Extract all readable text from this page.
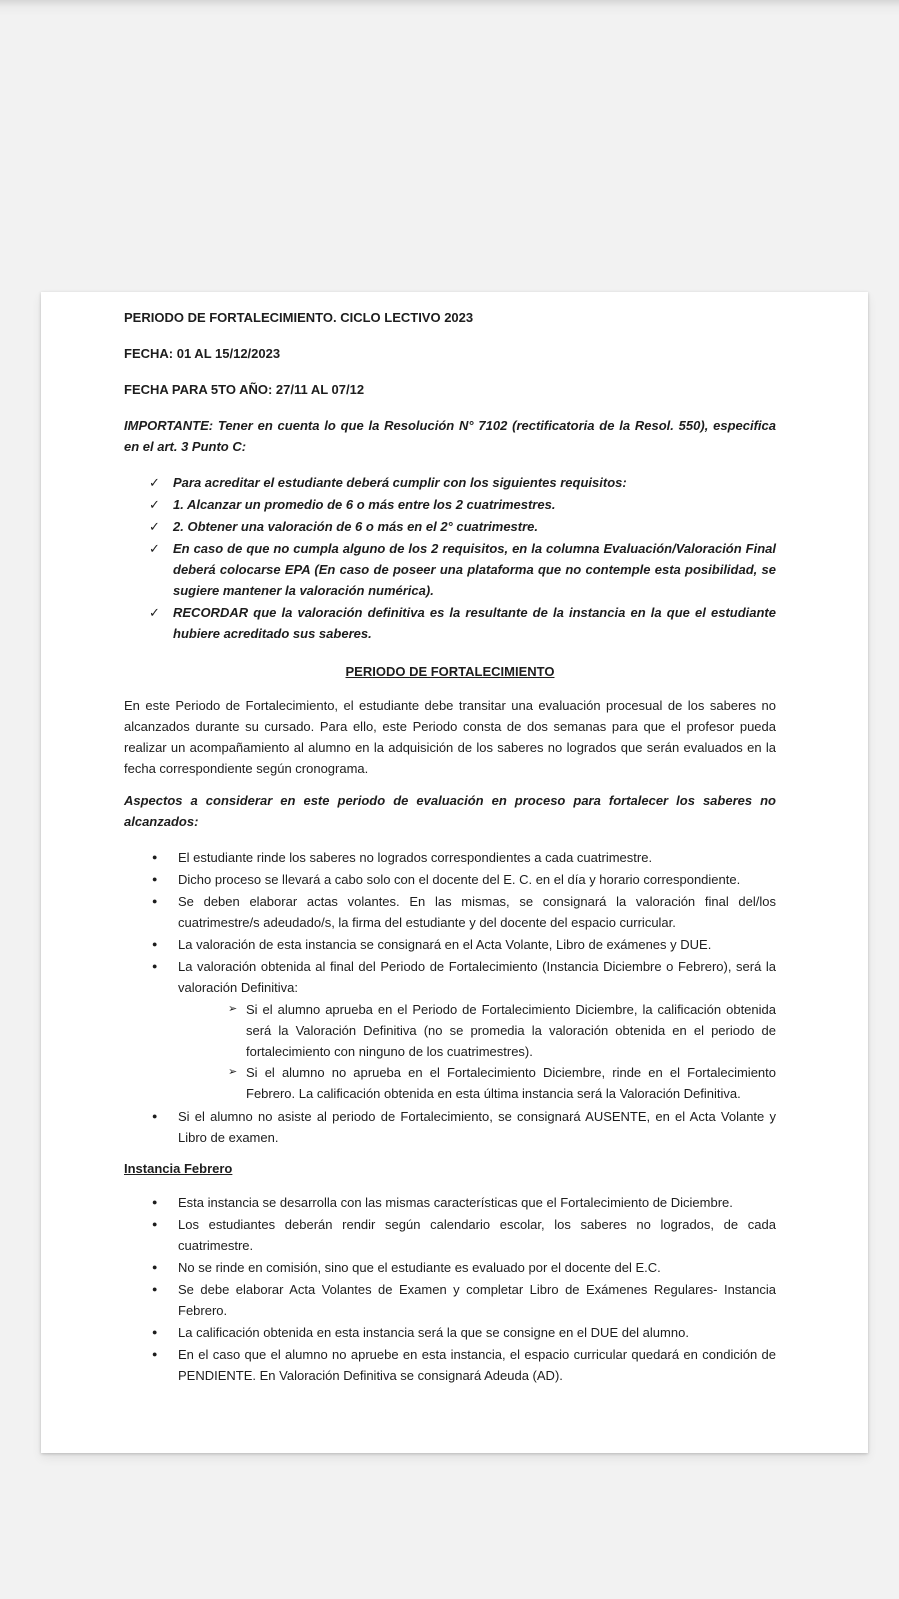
PERIODO DE FORTALECIMIENTO. CICLO LECTIVO 2023

FECHA: 01 AL 15/12/2023

FECHA PARA 5TO AÑO: 27/11 AL 07/12

IMPORTANTE: Tener en cuenta lo que la Resolución N° 7102 (rectificatoria de la Resol. 550), especifica en el art. 3 Punto C:

✓	Para acreditar el estudiante deberá cumplir con los siguientes requisitos:
✓	1. Alcanzar un promedio de 6 o más entre los 2 cuatrimestres.
✓	2. Obtener una valoración de 6 o más en el 2° cuatrimestre.
✓	En caso de que no cumpla alguno de los 2 requisitos, en la columna Evaluación/Valoración Final deberá colocarse EPA (En caso de poseer una plataforma que no contemple esta posibilidad, se sugiere mantener la valoración numérica).
✓	RECORDAR que la valoración definitiva es la resultante de la instancia en la que el estudiante hubiere acreditado sus saberes.

PERIODO DE FORTALECIMIENTO

En este Periodo de Fortalecimiento, el estudiante debe transitar una evaluación procesual de los saberes no alcanzados durante su cursado. Para ello, este Periodo consta de dos semanas para que el profesor pueda realizar un acompañamiento al alumno en la adquisición de los saberes no logrados que serán evaluados en la fecha correspondiente según cronograma.

Aspectos a considerar en este periodo de evaluación en proceso para fortalecer los saberes no alcanzados:

●	El estudiante rinde los saberes no logrados correspondientes a cada cuatrimestre.
●	Dicho proceso se llevará a cabo solo con el docente del E. C. en el día y horario correspondiente.
●	Se deben elaborar actas volantes. En las mismas, se consignará la valoración final del/los cuatrimestre/s adeudado/s, la firma del estudiante y del docente del espacio curricular.
●	La valoración de esta instancia se consignará en el Acta Volante, Libro de exámenes y DUE.
●	La valoración obtenida al final del Periodo de Fortalecimiento (Instancia Diciembre o Febrero), será la valoración Definitiva:
➢ Si el alumno aprueba en el Periodo de Fortalecimiento Diciembre, la calificación obtenida será la Valoración Definitiva (no se promedia la valoración obtenida en el periodo de fortalecimiento con ninguno de los cuatrimestres).
➢ Si el alumno no aprueba en el Fortalecimiento Diciembre, rinde en el Fortalecimiento Febrero. La calificación obtenida en esta última instancia será la Valoración Definitiva.
●	Si el alumno no asiste al periodo de Fortalecimiento, se consignará AUSENTE, en el Acta Volante y Libro de examen.

Instancia Febrero

●	Esta instancia se desarrolla con las mismas características que el Fortalecimiento de Diciembre.
●	Los estudiantes deberán rendir según calendario escolar, los saberes no logrados, de cada cuatrimestre.
●	No se rinde en comisión, sino que el estudiante es evaluado por el docente del E.C.
●	Se debe elaborar Acta Volantes de Examen y completar Libro de Exámenes Regulares- Instancia Febrero.
●	La calificación obtenida en esta instancia será la que se consigne en el DUE del alumno.
●	En el caso que el alumno no apruebe en esta instancia, el espacio curricular quedará en condición de PENDIENTE. En Valoración Definitiva se consignará Adeuda (AD).
